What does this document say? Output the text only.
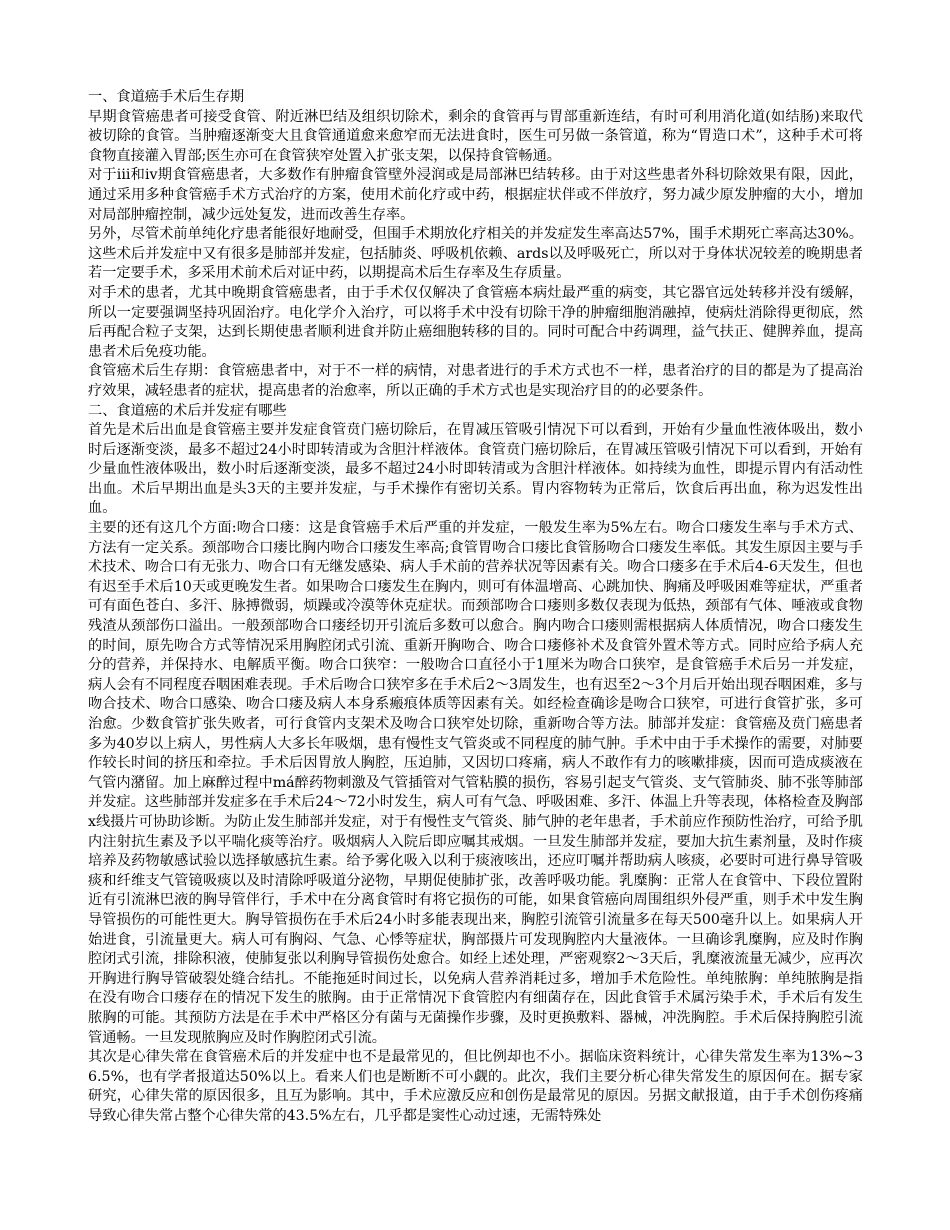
一、食道癌手术后生存期
早期食管癌患者可接受食管、附近淋巴结及组织切除术，剩余的食管再与胃部重新连结，有时可利用消化道(如结肠)来取代被切除的食管。当肿瘤逐渐变大且食管通道愈来愈窄而无法进食时，医生可另做一条管道，称为“胃造口术”，这种手术可将食物直接灌入胃部;医生亦可在食管狭窄处置入扩张支架，以保持食管畅通。
对于iii和iv期食管癌患者，大多数作有肿瘤食管壁外浸润或是局部淋巴结转移。由于对这些患者外科切除效果有限，因此，通过采用多种食管癌手术方式治疗的方案，使用术前化疗或中药，根据症状伴或不伴放疗，努力减少原发肿瘤的大小，增加对局部肿瘤控制，减少远处复发，进而改善生存率。
另外，尽管术前单纯化疗患者能很好地耐受，但围手术期放化疗相关的并发症发生率高达57%，围手术期死亡率高达30%。这些术后并发症中又有很多是肺部并发症，包括肺炎、呼吸机依赖、ards以及呼吸死亡，所以对于身体状况较差的晚期患者若一定要手术，多采用术前术后对证中药，以期提高术后生存率及生存质量。
对手术的患者，尤其中晚期食管癌患者，由于手术仅仅解决了食管癌本病灶最严重的病变，其它器官远处转移并没有缓解，所以一定要强调坚持巩固治疗。电化学介入治疗，可以将手术中没有切除干净的肿瘤细胞消融掉，使病灶消除得更彻底，然后再配合粒子支架，达到长期使患者顺利进食并防止癌细胞转移的目的。同时可配合中药调理，益气扶正、健脾养血，提高患者术后免疫功能。
食管癌术后生存期：食管癌患者中，对于不一样的病情，对患者进行的手术方式也不一样，患者治疗的目的都是为了提高治疗效果，减轻患者的症状，提高患者的治愈率，所以正确的手术方式也是实现治疗目的的必要条件。
二、食道癌的术后并发症有哪些
首先是术后出血是食管癌主要并发症食管贲门癌切除后，在胃减压管吸引情况下可以看到，开始有少量血性液体吸出，数小时后逐渐变淡，最多不超过24小时即转清或为含胆汁样液体。食管贲门癌切除后，在胃减压管吸引情况下可以看到，开始有少量血性液体吸出，数小时后逐渐变淡，最多不超过24小时即转清或为含胆汁样液体。如持续为血性，即提示胃内有活动性出血。术后早期出血是头3天的主要并发症，与手术操作有密切关系。胃内容物转为正常后，饮食后再出血，称为迟发性出血。
主要的还有这几个方面:吻合口瘘：这是食管癌手术后严重的并发症，一般发生率为5%左右。吻合口瘘发生率与手术方式、方法有一定关系。颈部吻合口瘘比胸内吻合口瘘发生率高;食管胃吻合口瘘比食管肠吻合口瘘发生率低。其发生原因主要与手术技术、吻合口有无张力、吻合口有无继发感染、病人手术前的营养状况等因素有关。吻合口瘘多在手术后4-6天发生，但也有迟至手术后10天或更晚发生者。如果吻合口瘘发生在胸内，则可有体温增高、心跳加快、胸痛及呼吸困难等症状，严重者可有面色苍白、多汗、脉搏微弱，烦躁或冷漠等休克症状。而颈部吻合口瘘则多数仅表现为低热，颈部有气体、唾液或食物残渣从颈部伤口溢出。一般颈部吻合口瘘经切开引流后多数可以愈合。胸内吻合口瘘则需根据病人体质情况，吻合口瘘发生的时间，原先吻合方式等情况采用胸腔闭式引流、重新开胸吻合、吻合口瘘修补术及食管外置术等方式。同时应给予病人充分的营养，并保持水、电解质平衡。吻合口狭窄：一般吻合口直径小于1厘米为吻合口狭窄，是食管癌手术后另一并发症，病人会有不同程度吞咽困难表现。手术后吻合口狭窄多在手术后2～3周发生，也有迟至2～3个月后开始出现吞咽困难，多与吻合技术、吻合口感染、吻合口瘘及病人本身系瘢痕体质等因素有关。如经检查确诊是吻合口狭窄，可进行食管扩张，多可治愈。少数食管扩张失败者，可行食管内支架术及吻合口狭窄处切除，重新吻合等方法。肺部并发症：食管癌及贲门癌患者多为40岁以上病人，男性病人大多长年吸烟，患有慢性支气管炎或不同程度的肺气肿。手术中由于手术操作的需要，对肺要作较长时间的挤压和牵拉。手术后因胃放人胸腔，压迫肺，又因切口疼痛，病人不敢作有力的咳嗽排痰，因而可造成痰液在气管内潴留。加上麻醉过程中má醉药物刺激及气管插管对气管粘膜的损伤，容易引起支气管炎、支气管肺炎、肺不张等肺部并发症。这些肺部并发症多在手术后24～72小时发生，病人可有气急、呼吸困难、多汗、体温上升等表现，体格检查及胸部x线摄片可协助诊断。为防止发生肺部并发症，对于有慢性支气管炎、肺气肿的老年患者，手术前应作预防性治疗，可给予肌内注射抗生素及予以平喘化痰等治疗。吸烟病人入院后即应嘱其戒烟。一旦发生肺部并发症，要加大抗生素剂量，及时作痰培养及药物敏感试验以选择敏感抗生素。给予雾化吸入以利于痰液咳出，还应叮嘱并帮助病人咳痰，必要时可进行鼻导管吸痰和纤维支气管镜吸痰以及时清除呼吸道分泌物，早期促使肺扩张，改善呼吸功能。乳糜胸：正常人在食管中、下段位置附近有引流淋巴液的胸导管伴行，手术中在分离食管时有将它损伤的可能，如果食管癌向周围组织外侵严重，则手术中发生胸导管损伤的可能性更大。胸导管损伤在手术后24小时多能表现出来，胸腔引流管引流量多在每天500毫升以上。如果病人开始进食，引流量更大。病人可有胸闷、气急、心悸等症状，胸部摄片可发现胸腔内大量液体。一旦确诊乳糜胸，应及时作胸腔闭式引流，排除积液，使肺复张以利胸导管损伤处愈合。如经上述处理，严密观察2～3天后，乳糜液流量无减少，应再次开胸进行胸导管破裂处缝合结扎。不能拖延时间过长，以免病人营养消耗过多，增加手术危险性。单纯脓胸：单纯脓胸是指在没有吻合口瘘存在的情况下发生的脓胸。由于正常情况下食管腔内有细菌存在，因此食管手术属污染手术，手术后有发生脓胸的可能。其预防方法是在手术中严格区分有菌与无菌操作步骤，及时更换敷料、器械，冲洗胸腔。手术后保持胸腔引流管通畅。一旦发现脓胸应及时作胸腔闭式引流。
其次是心律失常在食管癌术后的并发症中也不是最常见的，但比例却也不小。据临床资料统计，心律失常发生率为13%~36.5%，也有学者报道达50%以上。看来人们也是断断不可小觑的。此次，我们主要分析心律失常发生的原因何在。据专家研究，心律失常的原因很多，且互为影响。其中，手术应激反应和创伤是最常见的原因。另据文献报道，由于手术创伤疼痛导致心律失常占整个心律失常的43.5%左右，几乎都是窦性心动过速，无需特殊处
